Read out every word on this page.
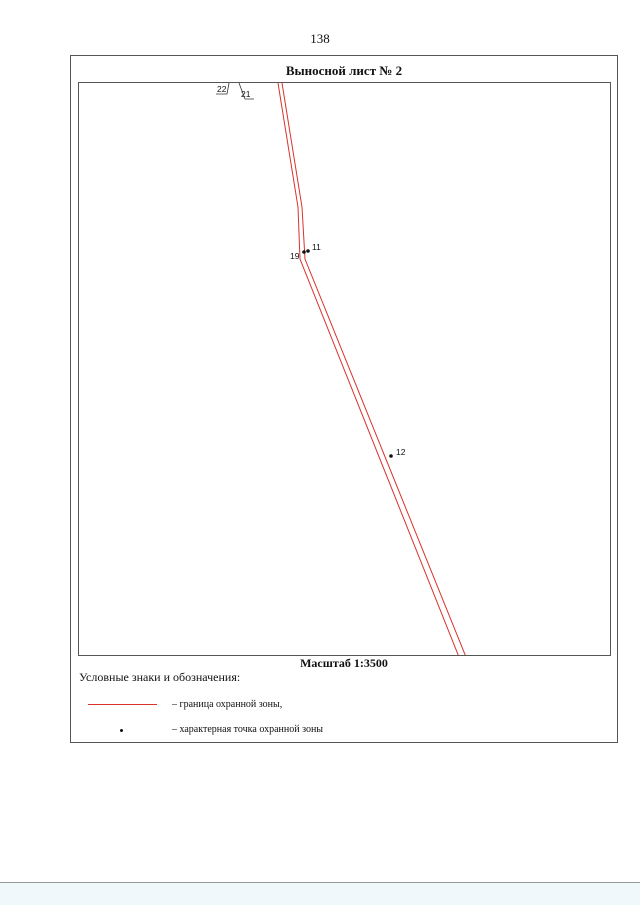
138
Выносной лист № 2
22 21
19
11
12
Масштаб 1:3500
Условные знаки и обозначения:
– граница охранной зоны,
– характерная точка охранной зоны
